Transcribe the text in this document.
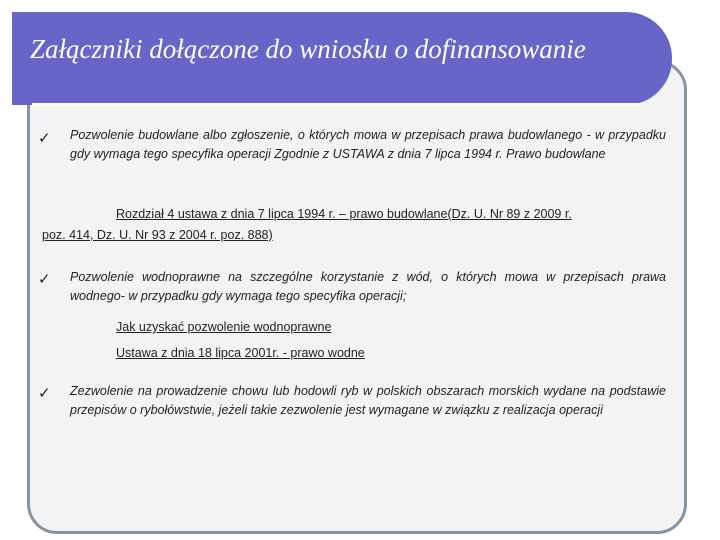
Załączniki dołączone do wniosku o dofinansowanie
✓ Pozwolenie budowlane albo zgłoszenie, o których mowa w przepisach prawa budowlanego - w przypadku gdy wymaga tego specyfika operacji Zgodnie z USTAWA z dnia 7 lipca 1994 r. Prawo budowlane
Rozdział 4 ustawa z dnia 7 lipca 1994 r. – prawo budowlane(Dz. U. Nr 89 z 2009 r.
poz. 414, Dz. U. Nr 93 z 2004 r. poz. 888)
✓ Pozwolenie wodnoprawne na szczególne korzystanie z wód, o których mowa w przepisach prawa wodnego- w przypadku gdy wymaga tego specyfika operacji;
Jak uzyskać pozwolenie wodnoprawne
Ustawa z dnia 18 lipca 2001r. - prawo wodne
✓ Zezwolenie na prowadzenie chowu lub hodowli ryb w polskich obszarach morskich wydane na podstawie przepisów o rybołówstwie, jeżeli takie zezwolenie jest wymagane w związku z realizacja operacji
